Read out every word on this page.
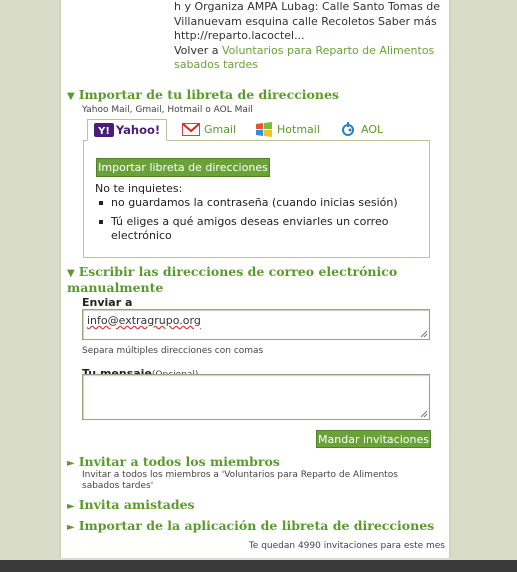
h y Organiza AMPA Lubag: Calle Santo Tomas de
Villanuevam esquina calle Recoletos Saber más
http://reparto.lacoctel...
Volver a Voluntarios para Reparto de Alimentos sabados tardes
▼ Importar de tu libreta de direcciones
Yahoo Mail, Gmail, Hotmail o AOL Mail
Y! Yahoo!	Gmail	Hotmail	AOL
Importar libreta de direcciones
No te inquietes:
no guardamos la contraseña (cuando inicias sesión)
Tú eliges a qué amigos deseas enviarles un correo electrónico
▼ Escribir las direcciones de correo electrónico manualmente
Enviar a
info@extragrupo.org
Separa múltiples direcciones con comas
Mandar invitaciones
► Invitar a todos los miembros
Invitar a todos los miembros a 'Voluntarios para Reparto de Alimentos sabados tardes'
► Invita amistades
► Importar de la aplicación de libreta de direcciones
Te quedan 4990 invitaciones para este mes
